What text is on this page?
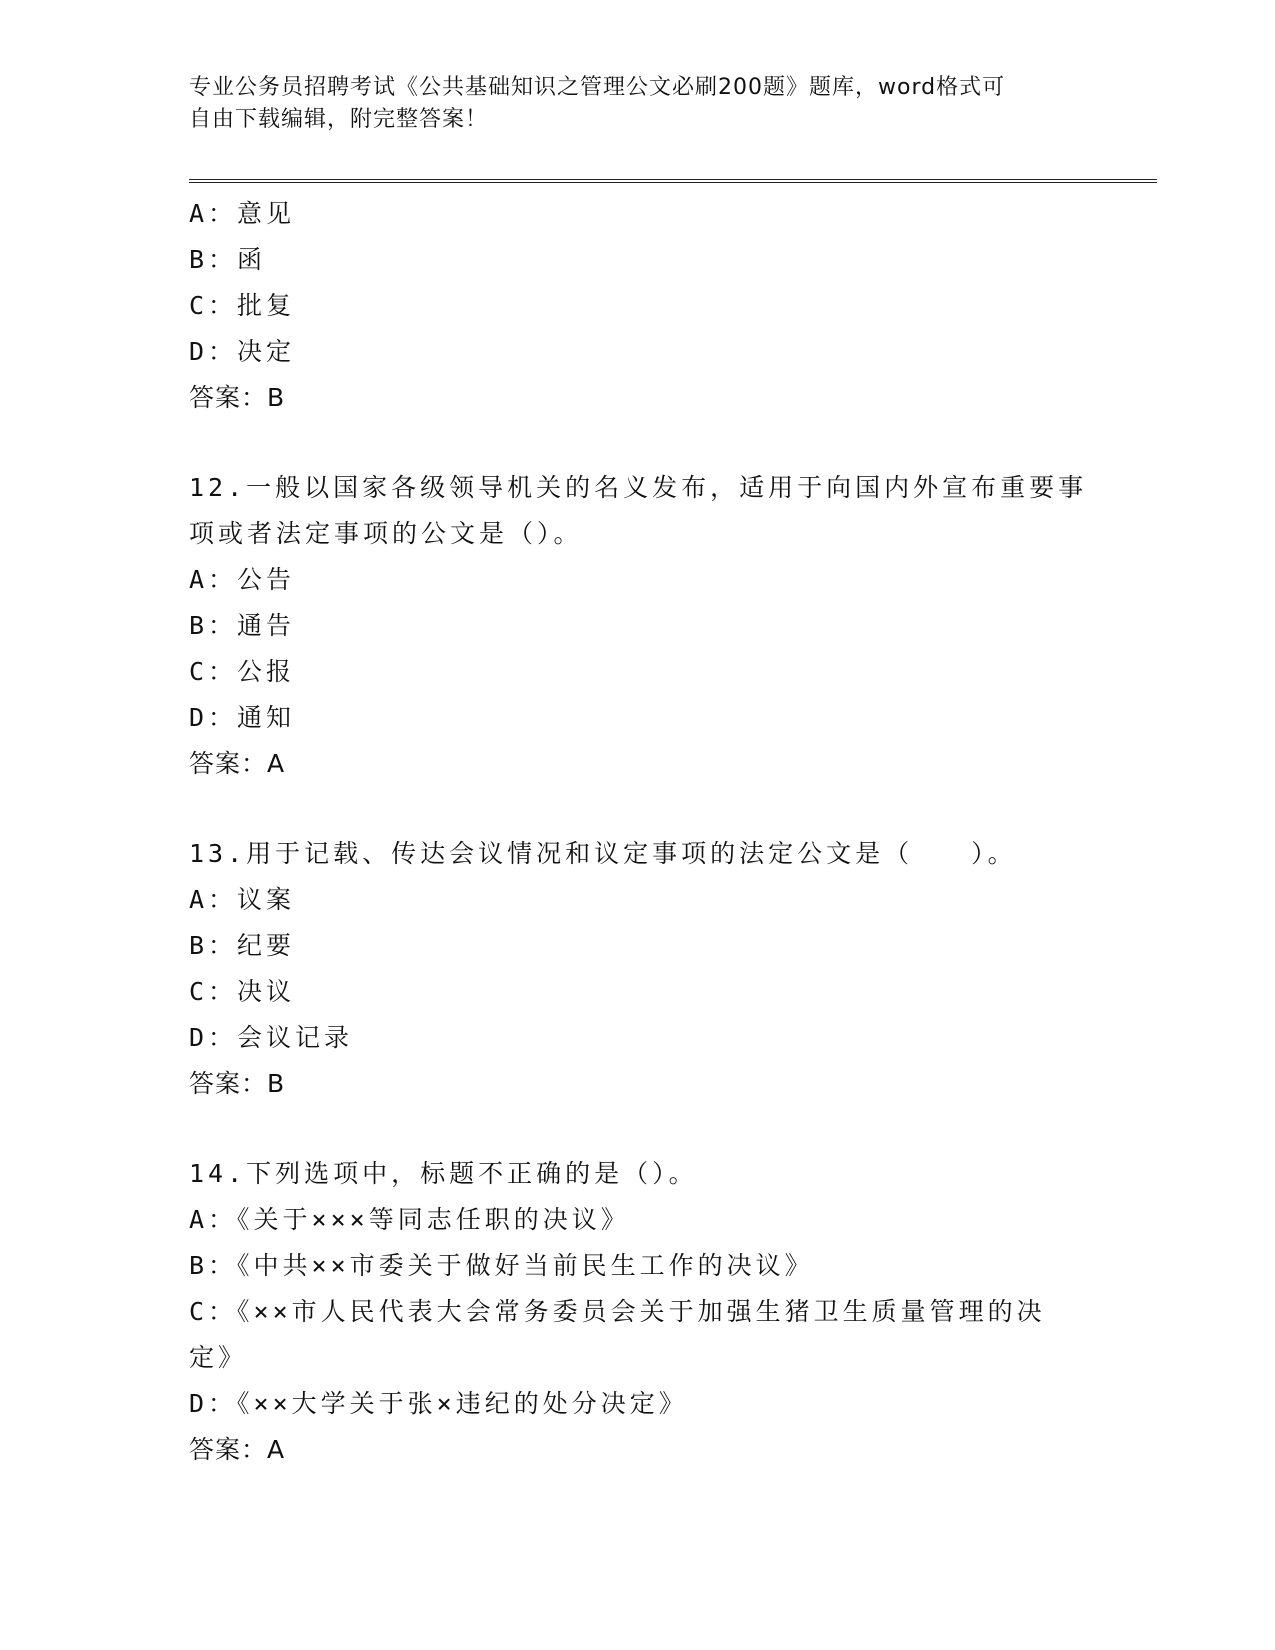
专业公务员招聘考试《公共基础知识之管理公文必刷200题》题库，word格式可
自由下载编辑，附完整答案！
A：意见
B：函
C：批复
D：决定
答案：B
12.一般以国家各级领导机关的名义发布，适用于向国内外宣布重要事
项或者法定事项的公文是（）。
A：公告
B：通告
C：公报
D：通知
答案：A
13.用于记载、传达会议情况和议定事项的法定公文是（　　）。
A：议案
B：纪要
C：决议
D：会议记录
答案：B
14.下列选项中，标题不正确的是（）。
A：《关于×××等同志任职的决议》
B：《中共××市委关于做好当前民生工作的决议》
C：《××市人民代表大会常务委员会关于加强生猪卫生质量管理的决
定》
D：《××大学关于张×违纪的处分决定》
答案：A
